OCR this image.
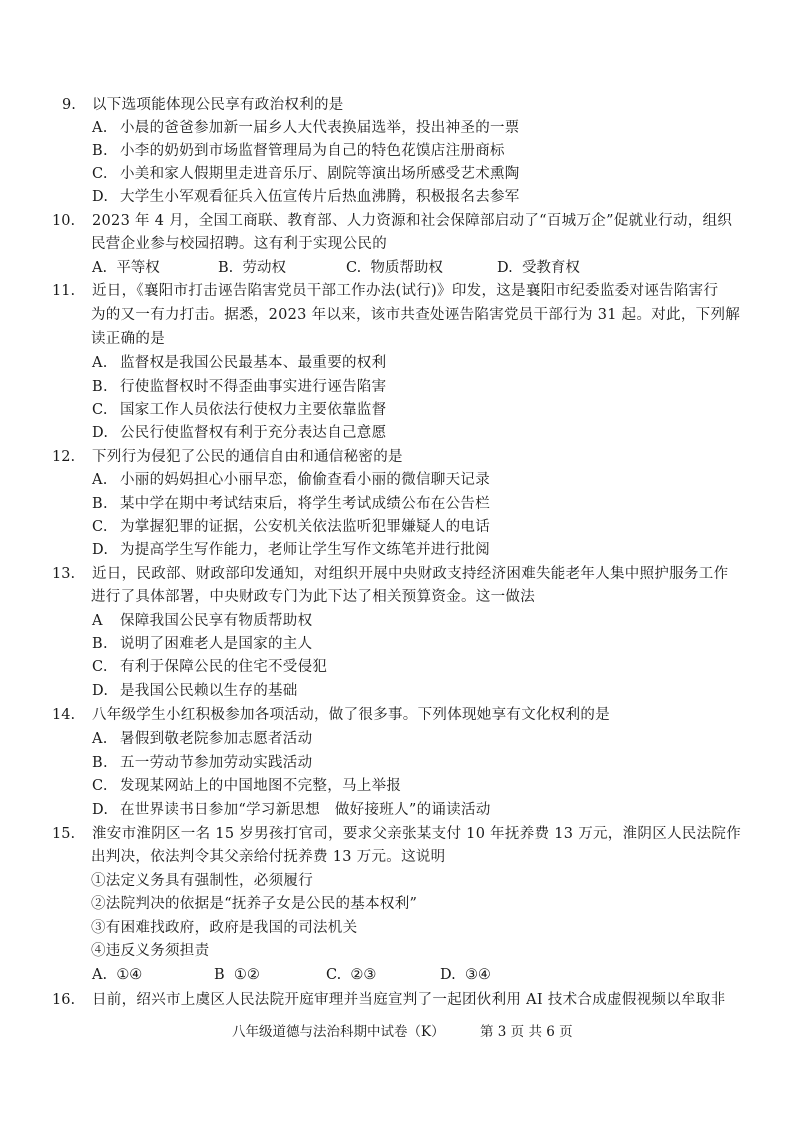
9. 以下选项能体现公民享有政治权利的是
A. 小晨的爸爸参加新一届乡人大代表换届选举，投出神圣的一票
B. 小李的奶奶到市场监督管理局为自己的特色花馍店注册商标
C. 小美和家人假期里走进音乐厅、剧院等演出场所感受艺术熏陶
D. 大学生小军观看征兵入伍宣传片后热血沸腾，积极报名去参军
10. 2023 年 4 月，全国工商联、教育部、人力资源和社会保障部启动了“百城万企”促就业行动，组织
民营企业参与校园招聘。这有利于实现公民的
A. 平等权	B. 劳动权	C. 物质帮助权	D. 受教育权
11. 近日，《襄阳市打击诬告陷害党员干部工作办法(试行)》印发，这是襄阳市纪委监委对诬告陷害行
为的又一有力打击。据悉，2023 年以来，该市共查处诬告陷害党员干部行为 31 起。对此，下列解
读正确的是
A. 监督权是我国公民最基本、最重要的权利
B. 行使监督权时不得歪曲事实进行诬告陷害
C. 国家工作人员依法行使权力主要依靠监督
D. 公民行使监督权有利于充分表达自己意愿
12. 下列行为侵犯了公民的通信自由和通信秘密的是
A. 小丽的妈妈担心小丽早恋，偷偷查看小丽的微信聊天记录
B. 某中学在期中考试结束后，将学生考试成绩公布在公告栏
C. 为掌握犯罪的证据，公安机关依法监听犯罪嫌疑人的电话
D. 为提高学生写作能力，老师让学生写作文练笔并进行批阅
13. 近日，民政部、财政部印发通知，对组织开展中央财政支持经济困难失能老年人集中照护服务工作
进行了具体部署，中央财政专门为此下达了相关预算资金。这一做法
A 保障我国公民享有物质帮助权
B. 说明了困难老人是国家的主人
C. 有利于保障公民的住宅不受侵犯
D. 是我国公民赖以生存的基础
14. 八年级学生小红积极参加各项活动，做了很多事。下列体现她享有文化权利的是
A. 暑假到敬老院参加志愿者活动
B. 五一劳动节参加劳动实践活动
C. 发现某网站上的中国地图不完整，马上举报
D. 在世界读书日参加“学习新思想　做好接班人”的诵读活动
15. 淮安市淮阴区一名 15 岁男孩打官司，要求父亲张某支付 10 年抚养费 13 万元，淮阴区人民法院作
出判决，依法判令其父亲给付抚养费 13 万元。这说明
①法定义务具有强制性，必须履行
②法院判决的依据是“抚养子女是公民的基本权利”
③有困难找政府，政府是我国的司法机关
④违反义务须担责
A. ①④	B ①②	C. ②③	D. ③④
16. 日前，绍兴市上虞区人民法院开庭审理并当庭宣判了一起团伙利用 AI 技术合成虚假视频以牟取非
八年级道德与法治科期中试卷（K）	第 3 页 共 6 页
